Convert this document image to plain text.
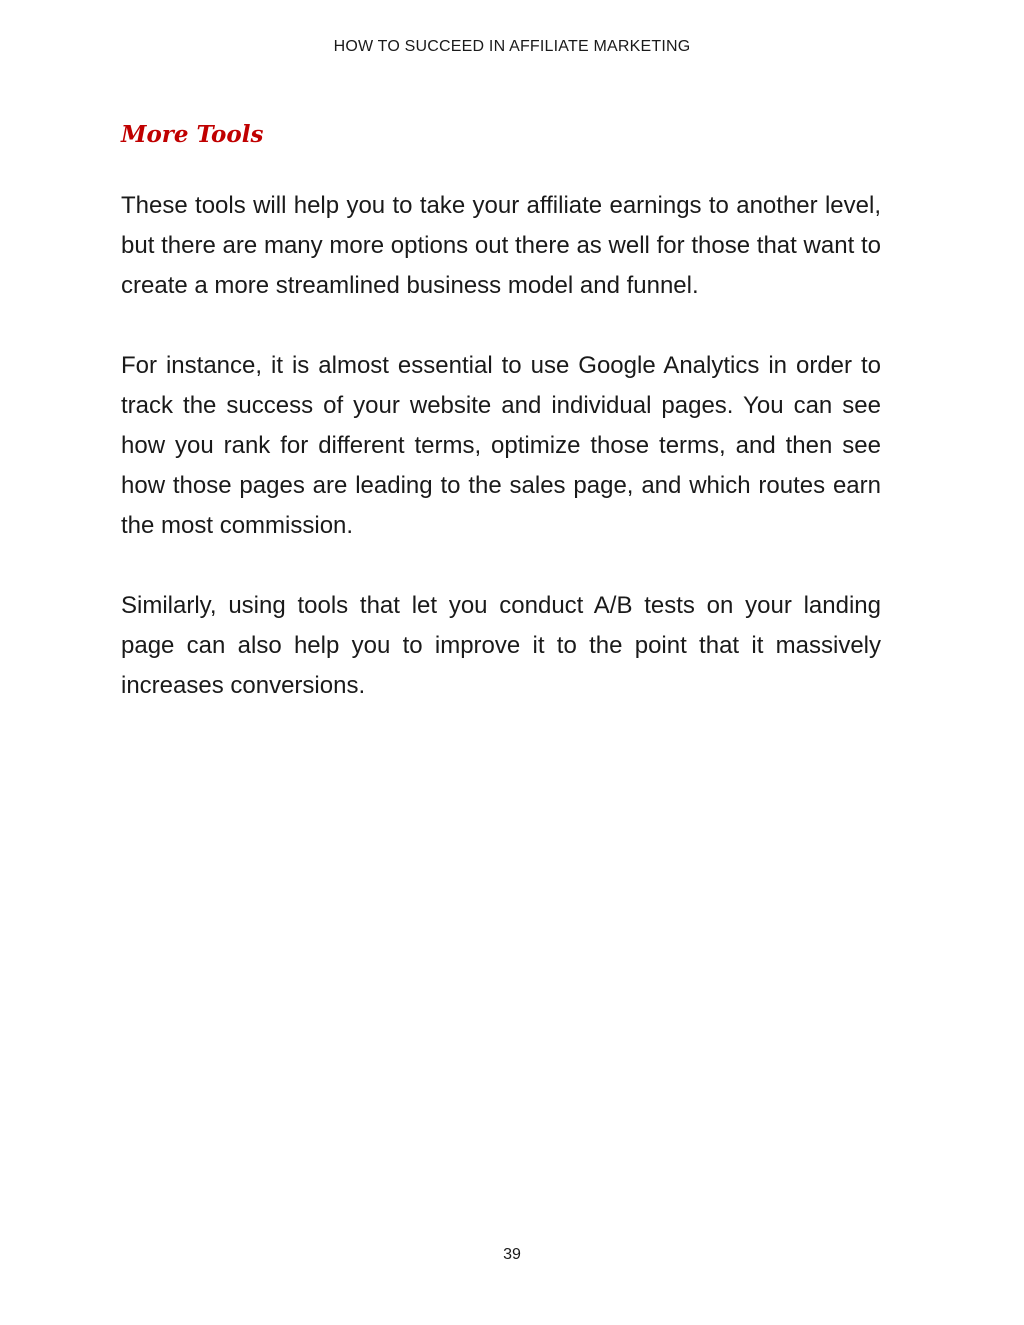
HOW TO SUCCEED IN AFFILIATE MARKETING
More Tools

These tools will help you to take your affiliate earnings to another level, but there are many more options out there as well for those that want to create a more streamlined business model and funnel.

For instance, it is almost essential to use Google Analytics in order to track the success of your website and individual pages. You can see how you rank for different terms, optimize those terms, and then see how those pages are leading to the sales page, and which routes earn the most commission.

Similarly, using tools that let you conduct A/B tests on your landing page can also help you to improve it to the point that it massively increases conversions.

39
